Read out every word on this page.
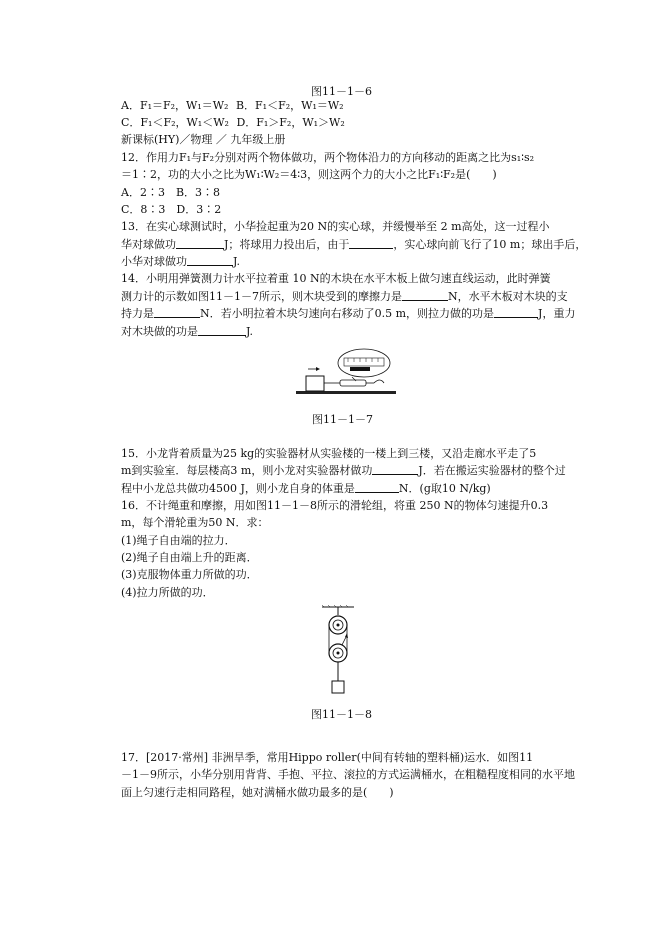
图11－1－6
A．F₁＝F₂，W₁＝W₂ B．F₁＜F₂，W₁＝W₂
C．F₁＜F₂，W₁＜W₂ D．F₁＞F₂，W₁＞W₂
新课标(HY)／物理 ／ 九年级上册
12．作用力F₁与F₂分别对两个物体做功，两个物体沿力的方向移动的距离之比为s₁∶s₂
＝1∶2，功的大小之比为W₁∶W₂＝4∶3，则这两个力的大小之比F₁∶F₂是(　　)
A．2∶3　B．3∶8
C．8∶3　D．3∶2
13．在实心球测试时，小华捡起重为20 N的实心球，并缓慢举至 2 m高处，这一过程小
华对球做功	J；将球用力投出后，由于	，实心球向前飞行了10 m；球出手后，
小华对球做功	J.
14．小明用弹簧测力计水平拉着重 10 N的木块在水平木板上做匀速直线运动，此时弹簧
测力计的示数如图11－1－7所示，则木块受到的摩擦力是	N，水平木板对木块的支
持力是	N．若小明拉着木块匀速向右移动了0.5 m，则拉力做的功是	J，重力
对木块做的功是	J.
图11－1－7
15．小龙背着质量为25 kg的实验器材从实验楼的一楼上到三楼，又沿走廊水平走了5
m到实验室．每层楼高3 m，则小龙对实验器材做功	J．若在搬运实验器材的整个过
程中小龙总共做功4500 J，则小龙自身的体重是	N．(g取10 N/kg)
16．不计绳重和摩擦，用如图11－1－8所示的滑轮组，将重 250 N的物体匀速提升0.3
m，每个滑轮重为50 N．求：
(1)绳子自由端的拉力．
(2)绳子自由端上升的距离．
(3)克服物体重力所做的功．
(4)拉力所做的功．
图11－1－8
17．[2017·常州] 非洲旱季，常用Hippo roller(中间有转轴的塑料桶)运水．如图11
－1－9所示，小华分别用背背、手抱、平拉、滚拉的方式运满桶水，在粗糙程度相同的水平地
面上匀速行走相同路程，她对满桶水做功最多的是(　　)
